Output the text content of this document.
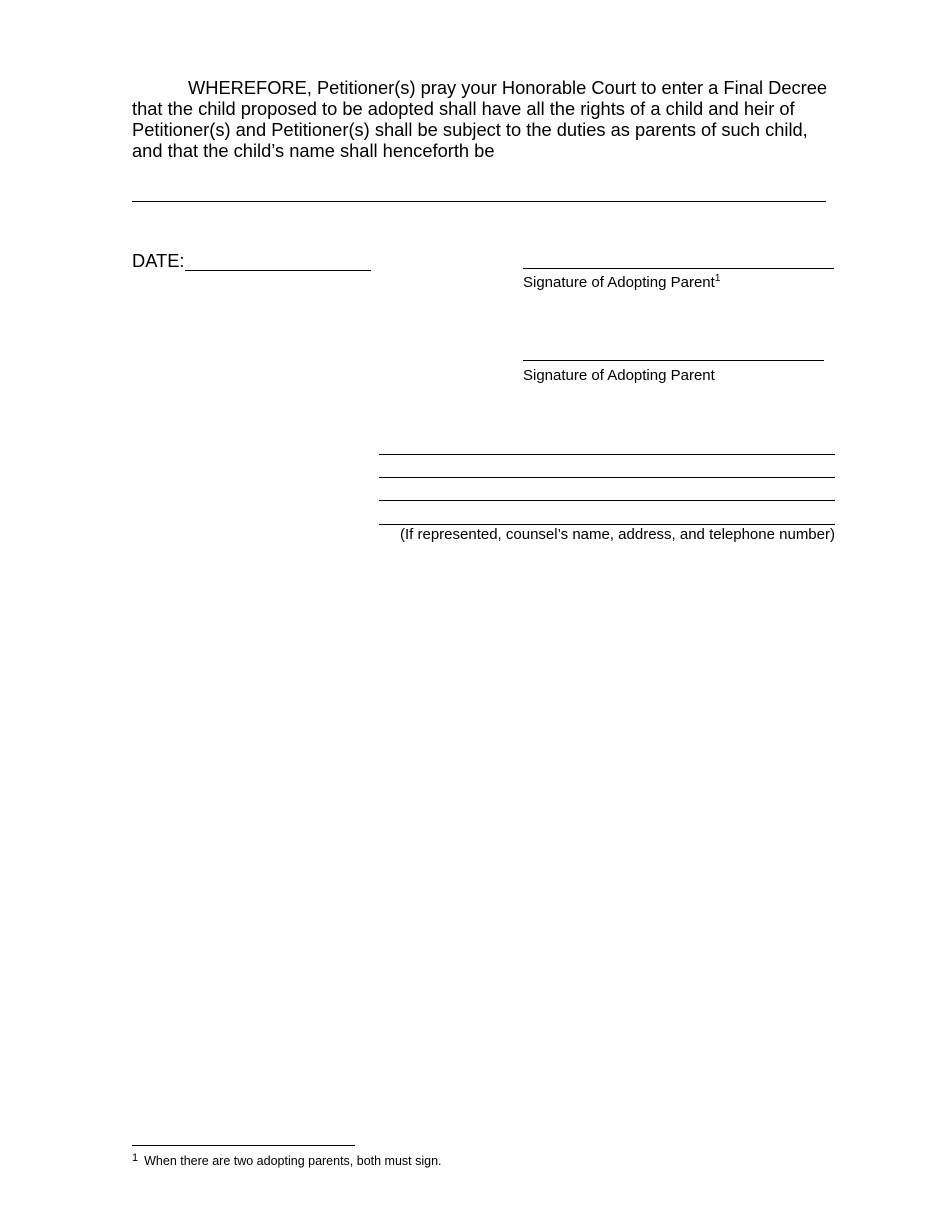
WHEREFORE, Petitioner(s) pray your Honorable Court to enter a Final Decree that the child proposed to be adopted shall have all the rights of a child and heir of Petitioner(s) and Petitioner(s) shall be subject to the duties as parents of such child, and that the child’s name shall henceforth be
DATE:
Signature of Adopting Parent$^1$
Signature of Adopting Parent
(If represented, counsel’s name, address, and telephone number)
1 When there are two adopting parents, both must sign.
